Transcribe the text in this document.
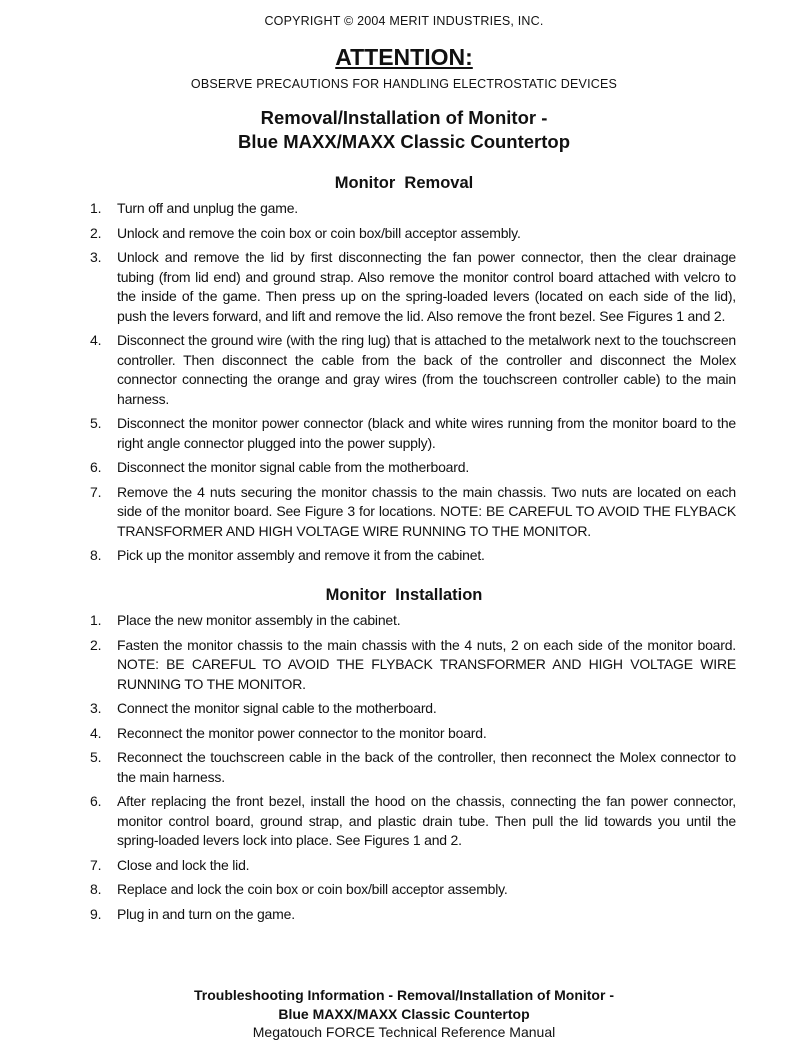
COPYRIGHT © 2004 MERIT INDUSTRIES, INC.
ATTENTION:
OBSERVE PRECAUTIONS FOR HANDLING ELECTROSTATIC DEVICES
Removal/Installation of Monitor -
Blue MAXX/MAXX Classic Countertop
Monitor  Removal
1.	Turn off and unplug the game.
2.	Unlock and remove the coin box or coin box/bill acceptor assembly.
3.	Unlock and remove the lid by first disconnecting the fan power connector, then the clear drainage tubing (from lid end) and ground strap. Also remove the monitor control board attached with velcro to the inside of the game. Then press up on the spring-loaded levers (located on each side of the lid), push the levers forward, and lift and remove the lid. Also remove the front bezel. See Figures 1 and 2.
4.	Disconnect the ground wire (with the ring lug) that is attached to the metalwork next to the touchscreen controller. Then disconnect the cable from the back of the controller and disconnect the Molex connector connecting the orange and gray wires (from the touchscreen controller cable) to the main harness.
5.	Disconnect the monitor power connector (black and white wires running from the monitor board to the right angle connector plugged into the power supply).
6.	Disconnect the monitor signal cable from the motherboard.
7.	Remove the 4 nuts securing the monitor chassis to the main chassis. Two nuts are located on each side of the monitor board. See Figure 3 for locations. NOTE: BE CAREFUL TO AVOID THE FLYBACK TRANSFORMER AND HIGH VOLTAGE WIRE RUNNING TO THE MONITOR.
8.	Pick up the monitor assembly and remove it from the cabinet.
Monitor  Installation
1.	Place the new monitor assembly in the cabinet.
2.	Fasten the monitor chassis to the main chassis with the 4 nuts, 2 on each side of the monitor board. NOTE: BE CAREFUL TO AVOID THE FLYBACK TRANSFORMER AND HIGH VOLTAGE WIRE RUNNING TO THE MONITOR.
3.	Connect the monitor signal cable to the motherboard.
4.	Reconnect the monitor power connector to the monitor board.
5.	Reconnect the touchscreen cable in the back of the controller, then reconnect the Molex connector to the main harness.
6.	After replacing the front bezel, install the hood on the chassis, connecting the fan power connector, monitor control board, ground strap, and plastic drain tube. Then pull the lid towards you until the spring-loaded levers lock into place. See Figures 1 and 2.
7.	Close and lock the lid.
8.	Replace and lock the coin box or coin box/bill acceptor assembly.
9.	Plug in and turn on the game.
Troubleshooting Information - Removal/Installation of Monitor -
Blue MAXX/MAXX Classic Countertop
Megatouch FORCE Technical Reference Manual
